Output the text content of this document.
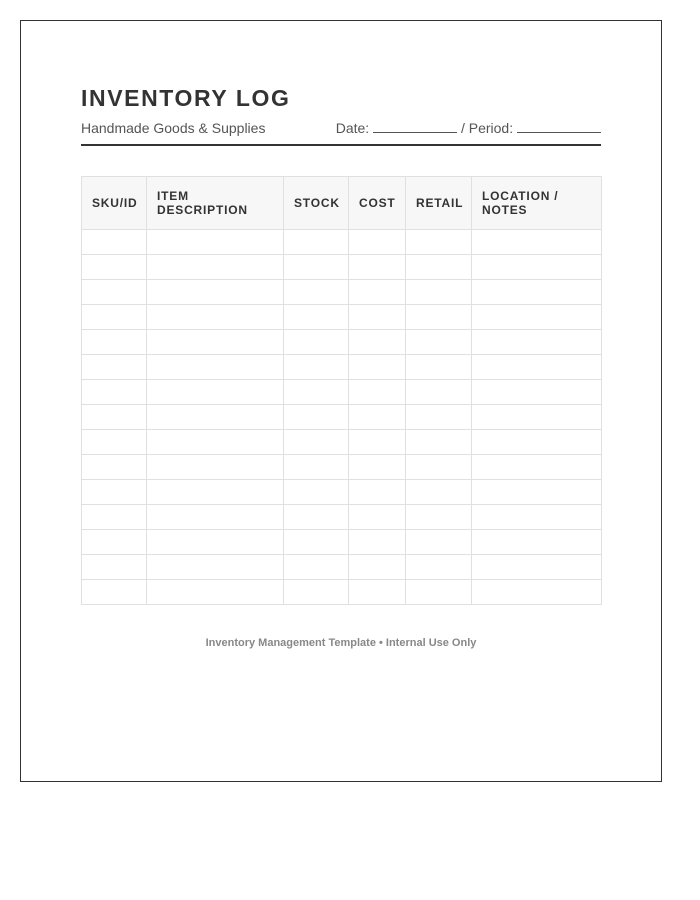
INVENTORY LOG
Handmade Goods & Supplies	Date:	/ Period:
SKU/ID	ITEM DESCRIPTION	STOCK	COST	RETAIL	LOCATION / NOTES

Inventory Management Template • Internal Use Only
